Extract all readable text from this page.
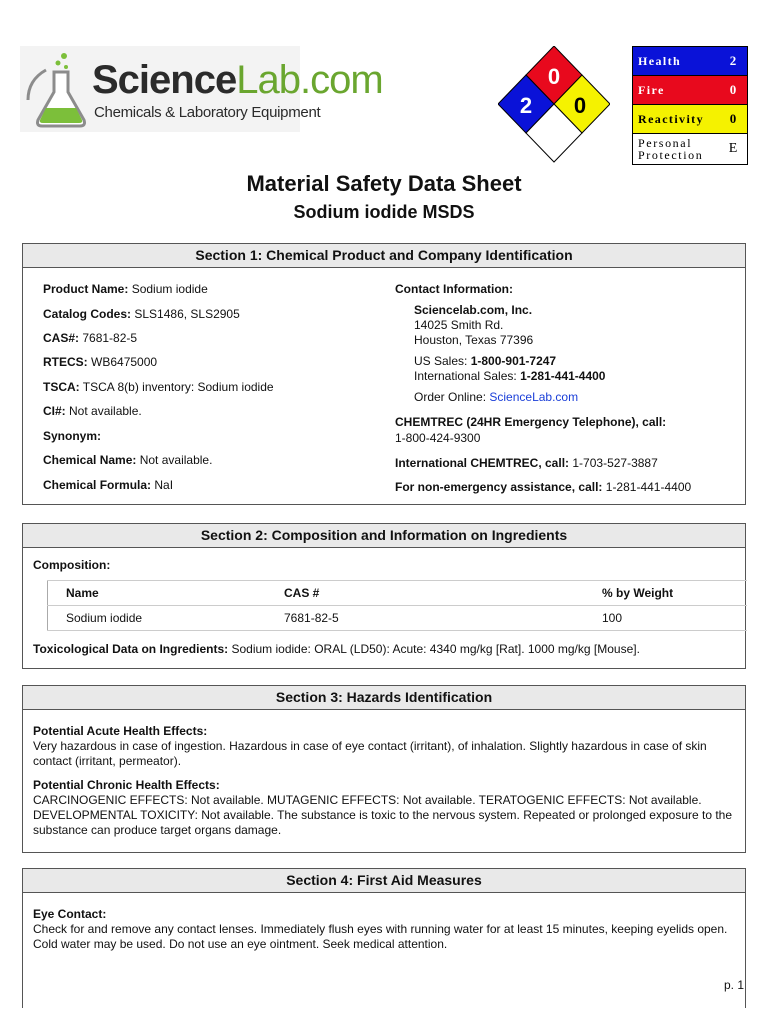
ScienceLab.com
Chemicals & Laboratory Equipment
0
2 0
Health	2
Fire	0
Reactivity	0
Personal
Protection	E
Material Safety Data Sheet
Sodium iodide MSDS
Section 1: Chemical Product and Company Identification
Product Name: Sodium iodide
Catalog Codes: SLS1486, SLS2905
CAS#: 7681-82-5
RTECS: WB6475000
TSCA: TSCA 8(b) inventory: Sodium iodide
CI#: Not available.
Synonym:
Chemical Name: Not available.
Chemical Formula: NaI
Contact Information:
Sciencelab.com, Inc.
14025 Smith Rd.
Houston, Texas 77396
US Sales: 1-800-901-7247
International Sales: 1-281-441-4400
Order Online: ScienceLab.com
CHEMTREC (24HR Emergency Telephone), call:
1-800-424-9300
International CHEMTREC, call: 1-703-527-3887
For non-emergency assistance, call: 1-281-441-4400
Section 2: Composition and Information on Ingredients
Composition:
Name	CAS #	% by Weight
Sodium iodide	7681-82-5	100
Toxicological Data on Ingredients: Sodium iodide: ORAL (LD50): Acute: 4340 mg/kg [Rat]. 1000 mg/kg [Mouse].
Section 3: Hazards Identification
Potential Acute Health Effects:
Very hazardous in case of ingestion. Hazardous in case of eye contact (irritant), of inhalation. Slightly hazardous in case of skin contact (irritant, permeator).
Potential Chronic Health Effects:
CARCINOGENIC EFFECTS: Not available. MUTAGENIC EFFECTS: Not available. TERATOGENIC EFFECTS: Not available. DEVELOPMENTAL TOXICITY: Not available. The substance is toxic to the nervous system. Repeated or prolonged exposure to the substance can produce target organs damage.
Section 4: First Aid Measures
Eye Contact:
Check for and remove any contact lenses. Immediately flush eyes with running water for at least 15 minutes, keeping eyelids open. Cold water may be used. Do not use an eye ointment. Seek medical attention.
p. 1
